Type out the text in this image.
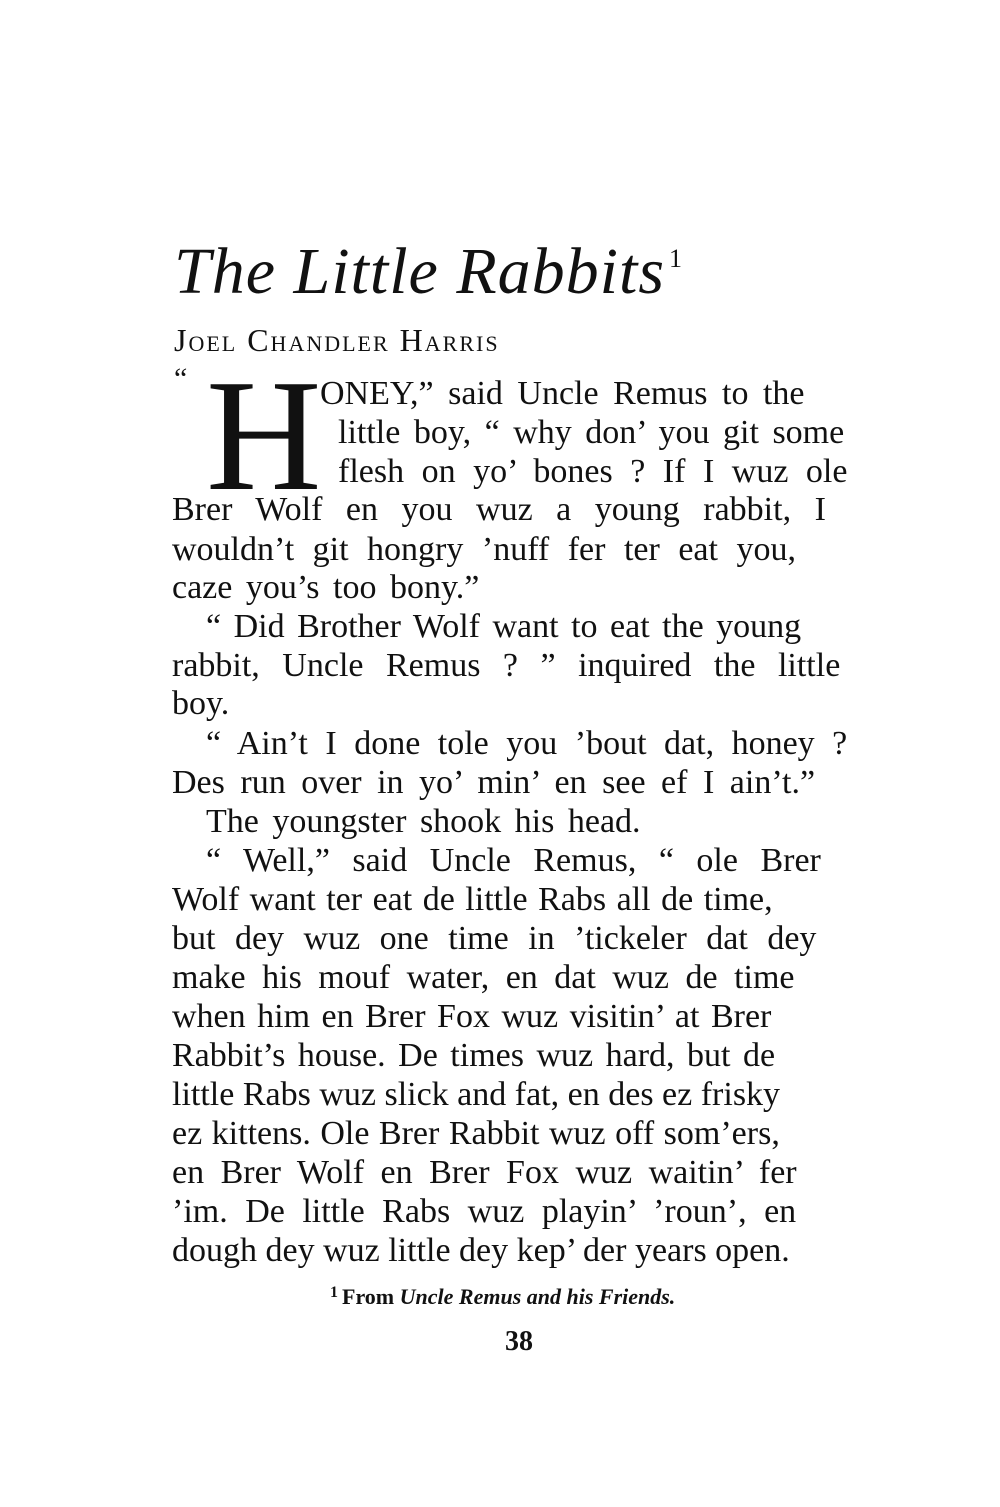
The Little Rabbits $^1$
Joel Chandler Harris
“ H
ONEY,” said Uncle Remus to the
little boy, “ why don’ you git some
flesh on yo’ bones ? If I wuz ole
Brer Wolf en you wuz a young rabbit, I
wouldn’t git hongry ’nuff fer ter eat you,
caze you’s too bony.”
“ Did Brother Wolf want to eat the young
rabbit, Uncle Remus ? ” inquired the little
boy.
“ Ain’t I done tole you ’bout dat, honey ?
Des run over in yo’ min’ en see ef I ain’t.”
The youngster shook his head.
“ Well,” said Uncle Remus, “ ole Brer
Wolf want ter eat de little Rabs all de time,
but dey wuz one time in ’tickeler dat dey
make his mouf water, en dat wuz de time
when him en Brer Fox wuz visitin’ at Brer
Rabbit’s house. De times wuz hard, but de
little Rabs wuz slick and fat, en des ez frisky
ez kittens. Ole Brer Rabbit wuz off som’ers,
en Brer Wolf en Brer Fox wuz waitin’ fer
’im. De little Rabs wuz playin’ ’roun’, en
dough dey wuz little dey kep’ der years open.
$^1$ From Uncle Remus and his Friends.
38
